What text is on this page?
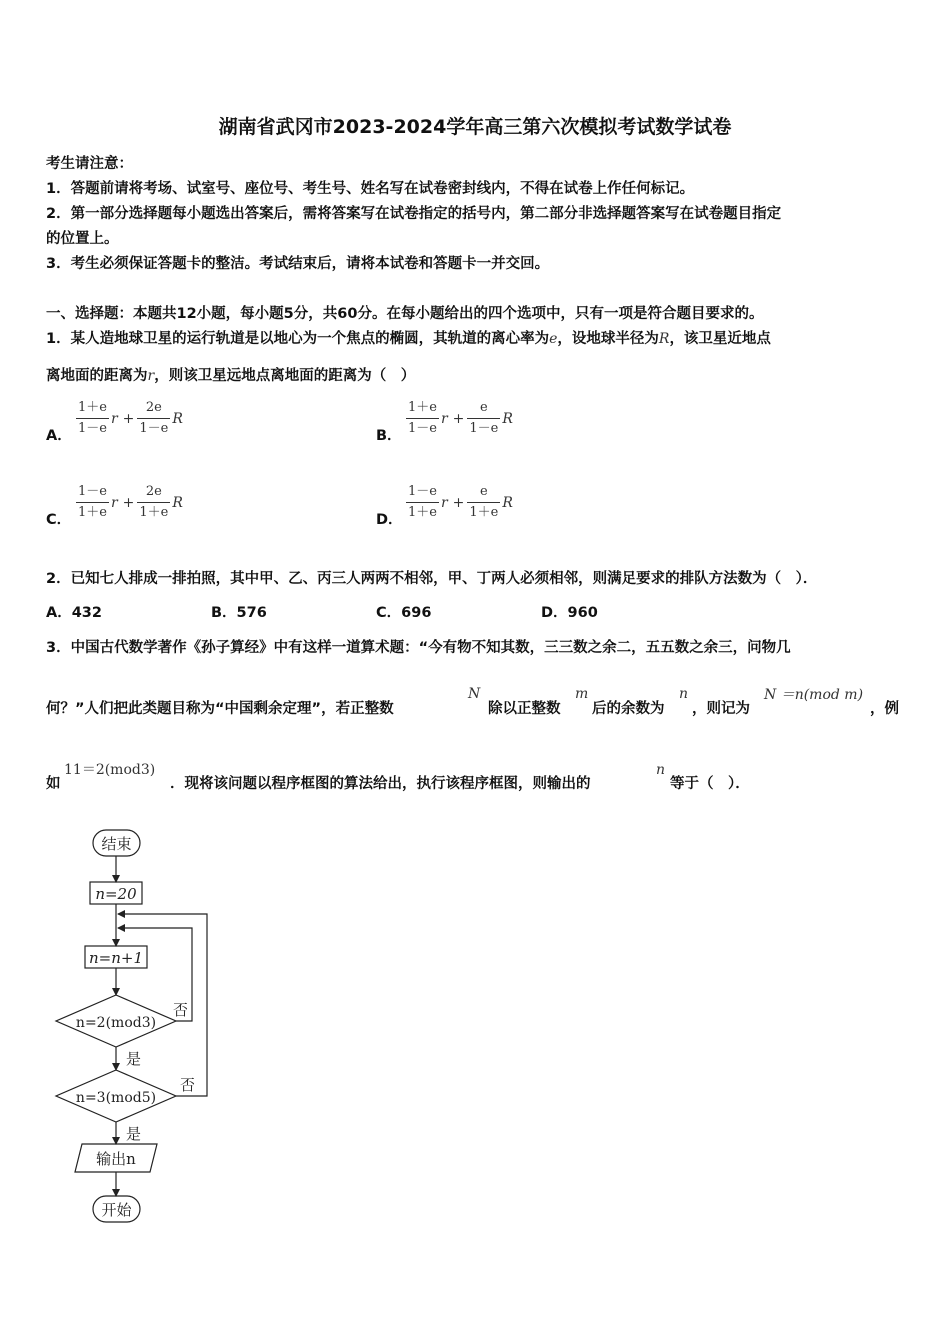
湖南省武冈市2023-2024学年高三第六次模拟考试数学试卷
考生请注意：
1．答题前请将考场、试室号、座位号、考生号、姓名写在试卷密封线内，不得在试卷上作任何标记。
2．第一部分选择题每小题选出答案后，需将答案写在试卷指定的括号内，第二部分非选择题答案写在试卷题目指定
的位置上。
3．考生必须保证答题卡的整洁。考试结束后，请将本试卷和答题卡一并交回。
一、选择题：本题共12小题，每小题5分，共60分。在每小题给出的四个选项中，只有一项是符合题目要求的。
1．某人造地球卫星的运行轨道是以地心为一个焦点的椭圆，其轨道的离心率为e，设地球半径为R，该卫星近地点
离地面的距离为r，则该卫星远地点离地面的距离为（　）
A． $\frac{1+e}{1-e}$ $r + \frac{2e}{1-e}$ R
B． $\frac{1+e}{1-e}$ $r + \frac{e}{1-e}$ R
C． $\frac{1-e}{1+e}$ $r + \frac{2e}{1+e}$ R
D． $\frac{1-e}{1+e}$ $r + \frac{e}{1+e}$ R
2．已知七人排成一排拍照，其中甲、乙、丙三人两两不相邻，甲、丁两人必须相邻，则满足要求的排队方法数为（　）．
A．432	B．576	C．696	D．960
3．中国古代数学著作《孙子算经》中有这样一道算术题：“今有物不知其数，三三数之余二，五五数之余三，问物几
何？”人们把此类题目称为“中国剩余定理”，若正整数
N
除以正整数
m
后的余数为
n
，则记为
N ＝n(mod m)
，例
如
11＝2(mod3)
．现将该问题以程序框图的算法给出，执行该程序框图，则输出的
n
等于（　）．
结束
n=20
n=n+1
n=2(mod3)
n=3(mod5)
是
是
否
否
输出n
开始
